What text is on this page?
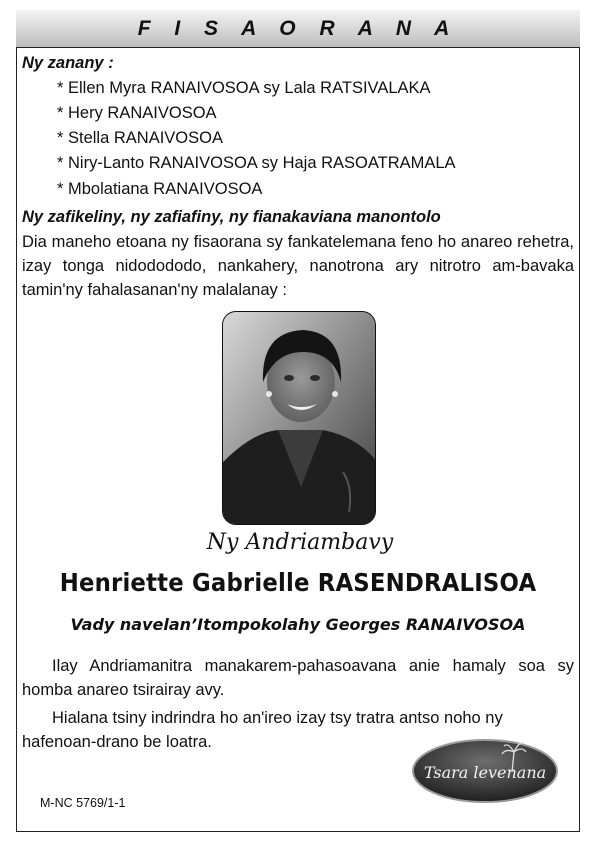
F I S A O R A N A
Ny zanany :
* Ellen Myra RANAIVOSOA sy Lala RATSIVALAKA
* Hery RANAIVOSOA
* Stella RANAIVOSOA
* Niry-Lanto RANAIVOSOA sy Haja RASOATRAMALA
* Mbolatiana RANAIVOSOA
Ny zafikeliny, ny zafiafiny, ny fianakaviana manontolo
Dia maneho etoana ny fisaorana sy fankatelemana feno ho anareo rehetra, izay tonga nidodododo, nankahery, nanotrona ary nitrotro am-bavaka tamin'ny fahalasanan'ny malalanay :
Ny Andriambavy
Henriette Gabrielle RASENDRALISOA
Vady navelan’Itompokolahy Georges RANAIVOSOA
Ilay Andriamanitra manakarem-pahasoavana anie hamaly soa sy homba anareo tsirairay avy.
Hialana tsiny indrindra ho an'ireo izay tsy tratra antso noho ny hafenoan-drano be loatra.
Tsara levenana
M-NC 5769/1-1
